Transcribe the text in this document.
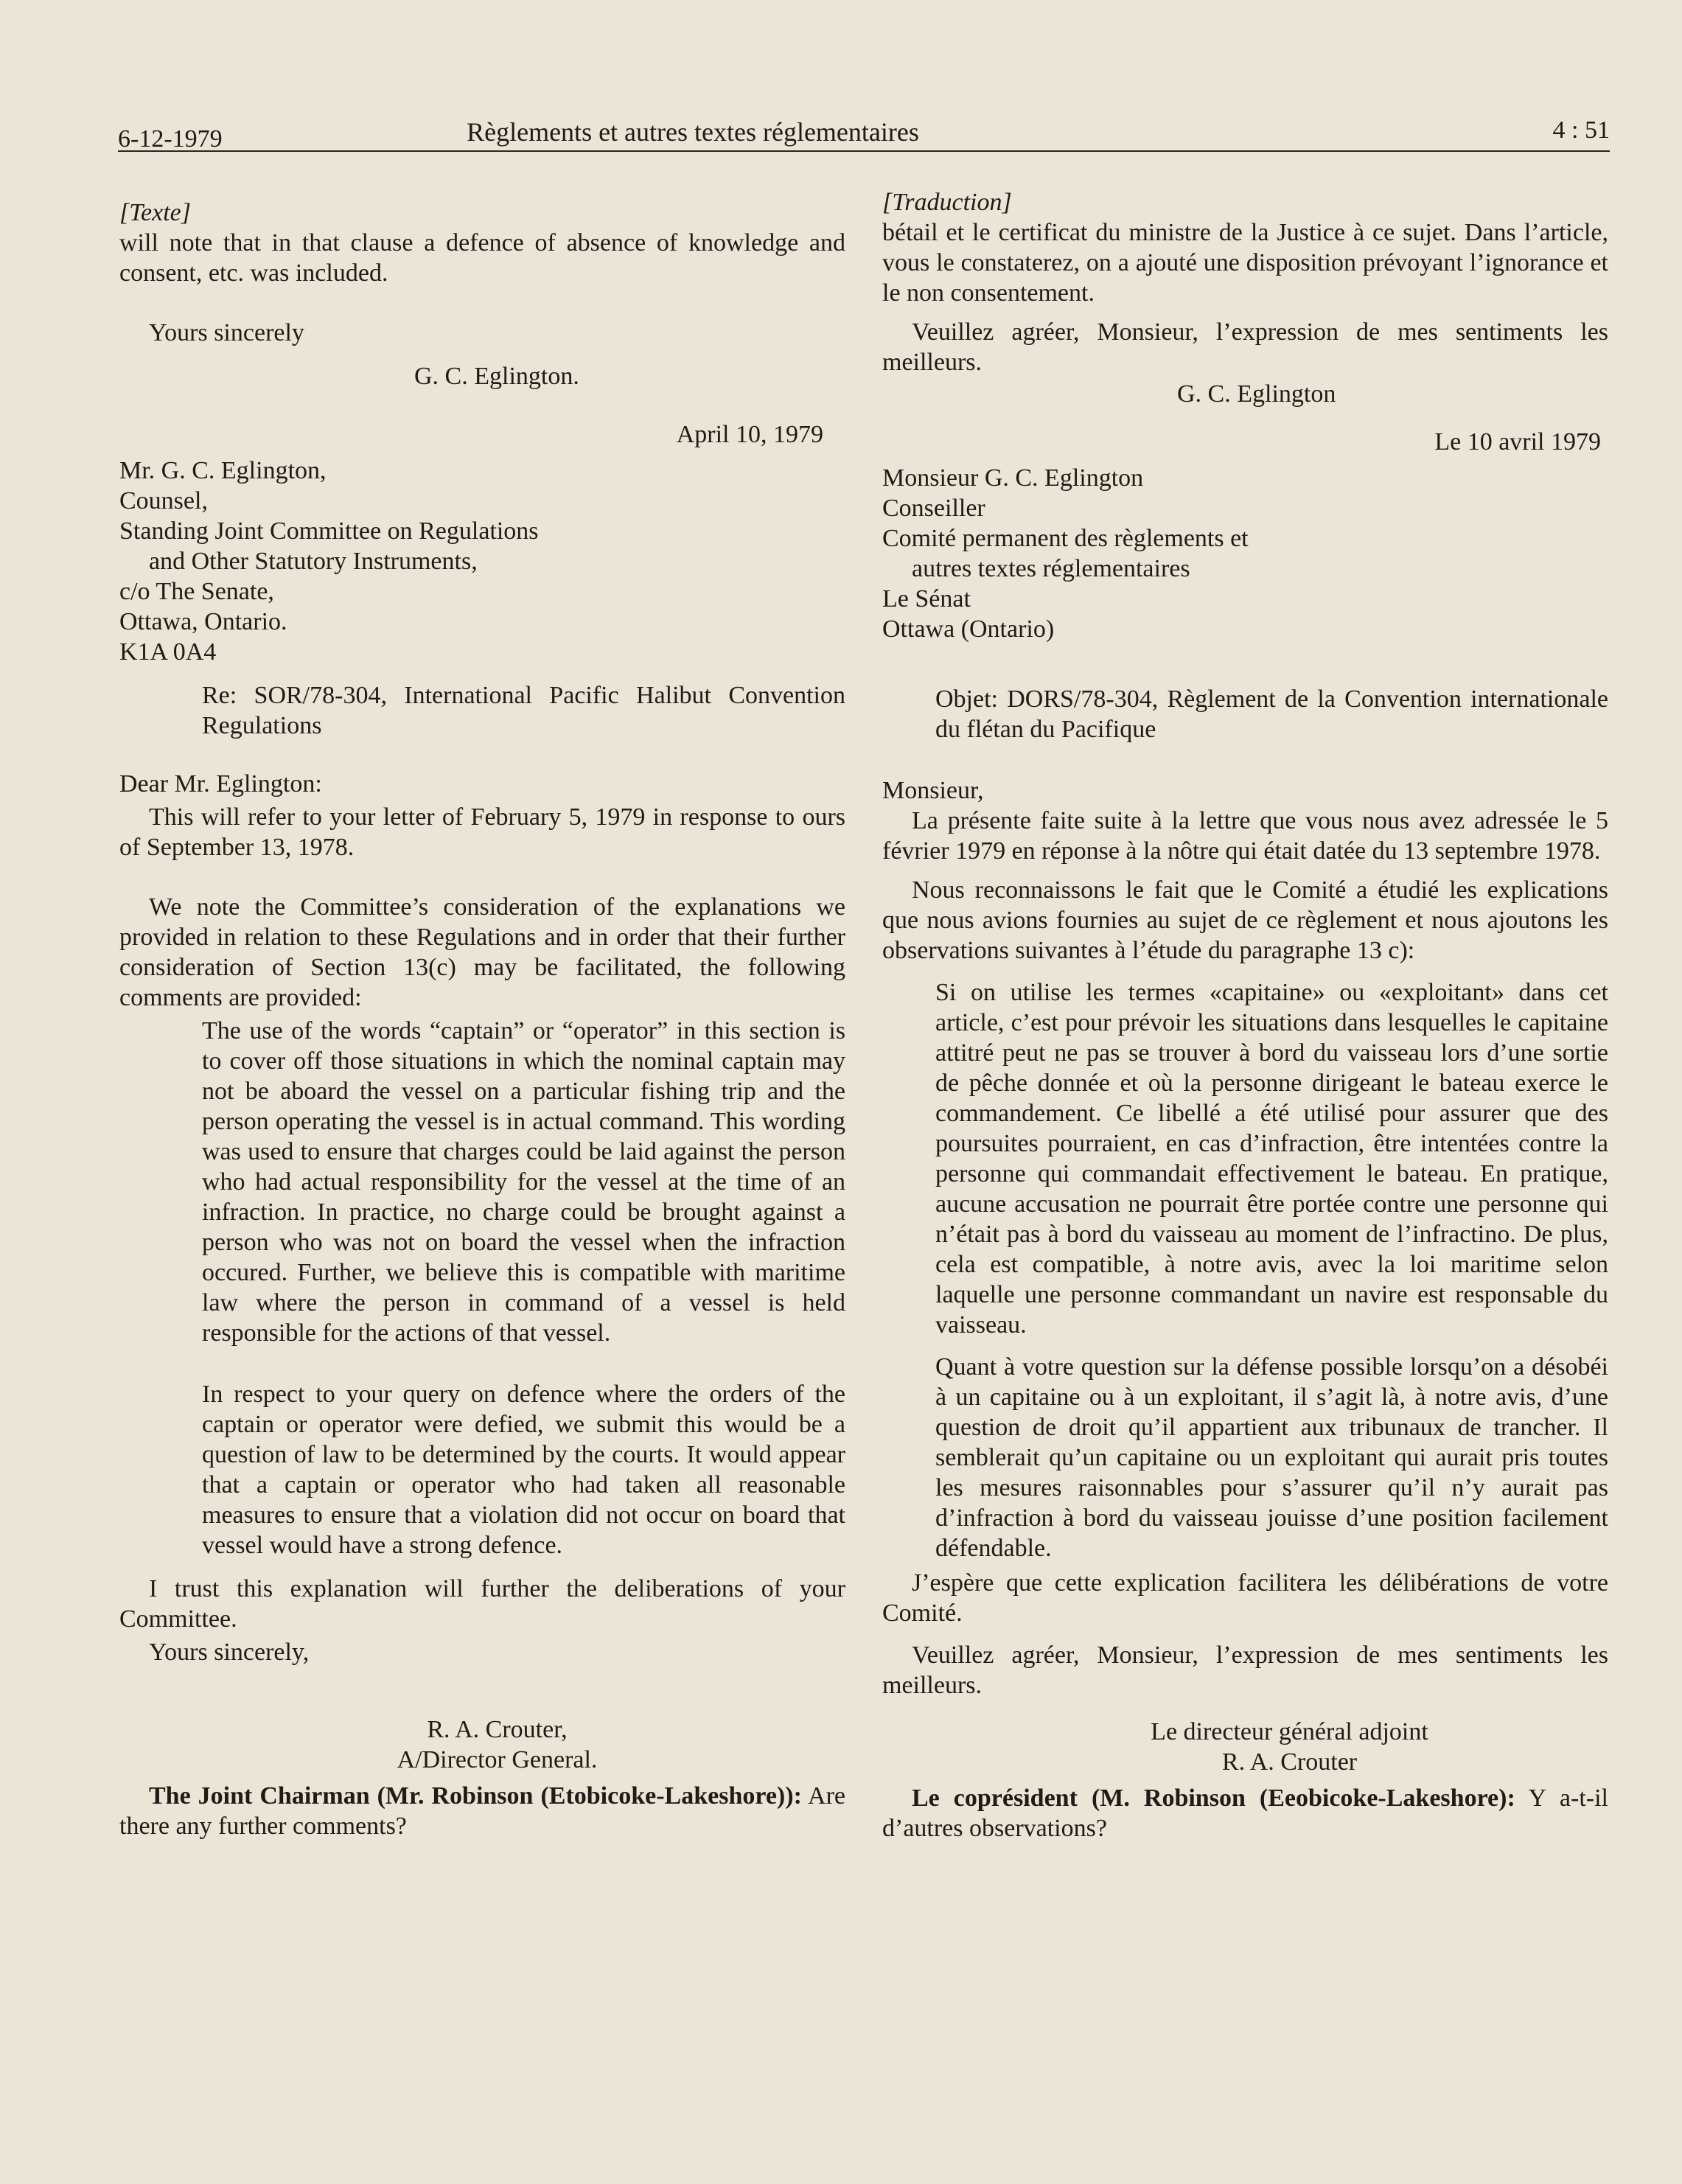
6-12-1979	Règlements et autres textes réglementaires	4 : 51

[Texte]

will note that in that clause a defence of absence of knowledge and consent, etc. was included.

Yours sincerely

G. C. Eglington.

April 10, 1979

Mr. G. C. Eglington,

Counsel,

Standing Joint Committee on Regulations

and Other Statutory Instruments,

c/o The Senate,

Ottawa, Ontario.

K1A 0A4

Re: SOR/78-304, International Pacific Halibut Convention Regulations

Dear Mr. Eglington:

This will refer to your letter of February 5, 1979 in response to ours of September 13, 1978.

We note the Committee’s consideration of the explanations we provided in relation to these Regulations and in order that their further consideration of Section 13(c) may be facilitated, the following comments are provided:

The use of the words “captain” or “operator” in this section is to cover off those situations in which the nominal captain may not be aboard the vessel on a particular fishing trip and the person operating the vessel is in actual command. This wording was used to ensure that charges could be laid against the person who had actual responsibility for the vessel at the time of an infraction. In practice, no charge could be brought against a person who was not on board the vessel when the infraction occured. Further, we believe this is compatible with maritime law where the person in command of a vessel is held responsible for the actions of that vessel.

In respect to your query on defence where the orders of the captain or operator were defied, we submit this would be a question of law to be determined by the courts. It would appear that a captain or operator who had taken all reasonable measures to ensure that a violation did not occur on board that vessel would have a strong defence.

I trust this explanation will further the deliberations of your Committee.

Yours sincerely,

R. A. Crouter,

A/Director General.

The Joint Chairman (Mr. Robinson (Etobicoke-Lakeshore)): Are there any further comments?

[Traduction]

bétail et le certificat du ministre de la Justice à ce sujet. Dans l’article, vous le constaterez, on a ajouté une disposition prévoyant l’ignorance et le non consentement.

Veuillez agréer, Monsieur, l’expression de mes sentiments les meilleurs.

G. C. Eglington

Le 10 avril 1979

Monsieur G. C. Eglington

Conseiller

Comité permanent des règlements et

autres textes réglementaires

Le Sénat

Ottawa (Ontario)

Objet: DORS/78-304, Règlement de la Convention internationale du flétan du Pacifique

Monsieur,

La présente faite suite à la lettre que vous nous avez adressée le 5 février 1979 en réponse à la nôtre qui était datée du 13 septembre 1978.

Nous reconnaissons le fait que le Comité a étudié les explications que nous avions fournies au sujet de ce règlement et nous ajoutons les observations suivantes à l’étude du paragraphe 13 c):

Si on utilise les termes «capitaine» ou «exploitant» dans cet article, c’est pour prévoir les situations dans lesquelles le capitaine attitré peut ne pas se trouver à bord du vaisseau lors d’une sortie de pêche donnée et où la personne dirigeant le bateau exerce le commandement. Ce libellé a été utilisé pour assurer que des poursuites pourraient, en cas d’infraction, être intentées contre la personne qui commandait effectivement le bateau. En pratique, aucune accusation ne pourrait être portée contre une personne qui n’était pas à bord du vaisseau au moment de l’infractino. De plus, cela est compatible, à notre avis, avec la loi maritime selon laquelle une personne commandant un navire est responsable du vaisseau.

Quant à votre question sur la défense possible lorsqu’on a désobéi à un capitaine ou à un exploitant, il s’agit là, à notre avis, d’une question de droit qu’il appartient aux tribunaux de trancher. Il semblerait qu’un capitaine ou un exploitant qui aurait pris toutes les mesures raisonnables pour s’assurer qu’il n’y aurait pas d’infraction à bord du vaisseau jouisse d’une position facilement défendable.

J’espère que cette explication facilitera les délibérations de votre Comité.

Veuillez agréer, Monsieur, l’expression de mes sentiments les meilleurs.

Le directeur général adjoint

R. A. Crouter

Le coprésident (M. Robinson (Eeobicoke-Lakeshore): Y a-t-il d’autres observations?
